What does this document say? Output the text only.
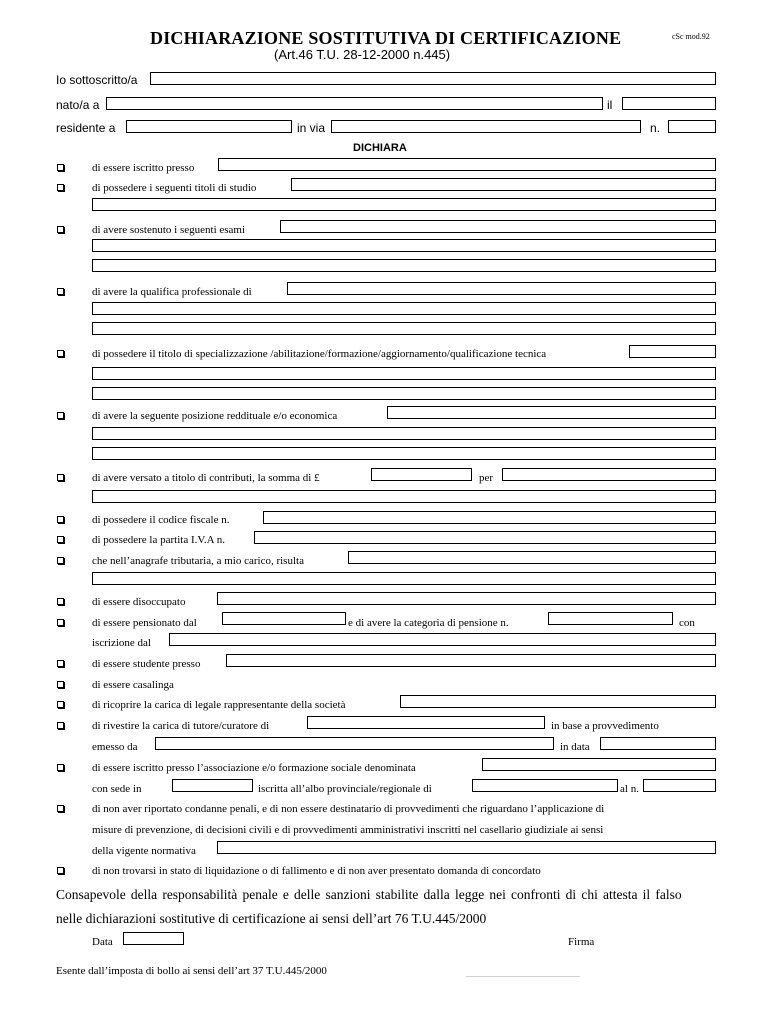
DICHIARAZIONE SOSTITUTIVA DI CERTIFICAZIONE
(Art.46 T.U. 28-12-2000 n.445)
cSc mod.92
Io sottoscritto/a
nato/a a	il
residente a	in via	n.
DICHIARA
di essere iscritto presso
di possedere i seguenti titoli di studio
di avere sostenuto i seguenti esami
di avere la qualifica professionale di
di possedere il titolo di specializzazione /abilitazione/formazione/aggiornamento/qualificazione tecnica
di avere la seguente posizione reddituale e/o economica
di avere versato a titolo di contributi, la somma di £	per
di possedere il codice fiscale n.
di possedere la partita I.V.A n.
che nell’anagrafe tributaria, a mio carico, risulta
di essere disoccupato
di essere pensionato dal	e di avere la categoria di pensione n.	con
iscrizione dal
di essere studente presso
di essere casalinga
di ricoprire la carica di legale rappresentante della società
di rivestire la carica di tutore/curatore di	in base a provvedimento
emesso da	in data
di essere iscritto presso l’associazione e/o formazione sociale denominata
con sede in	iscritta all’albo provinciale/regionale di	al n.
di non aver riportato condanne penali, e di non essere destinatario di provvedimenti che riguardano l’applicazione di
misure di prevenzione, di decisioni civili e di provvedimenti amministrativi inscritti nel casellario giudiziale ai sensi
della vigente normativa
di non trovarsi in stato di liquidazione o di fallimento e di non aver presentato domanda di concordato
Consapevole della responsabilità penale e delle sanzioni stabilite dalla legge nei confronti di chi attesta il falso
nelle dichiarazioni sostitutive di certificazione ai sensi dell’art 76 T.U.445/2000
Data	Firma
Esente dall’imposta di bollo ai sensi dell’art 37 T.U.445/2000	______________________________________
